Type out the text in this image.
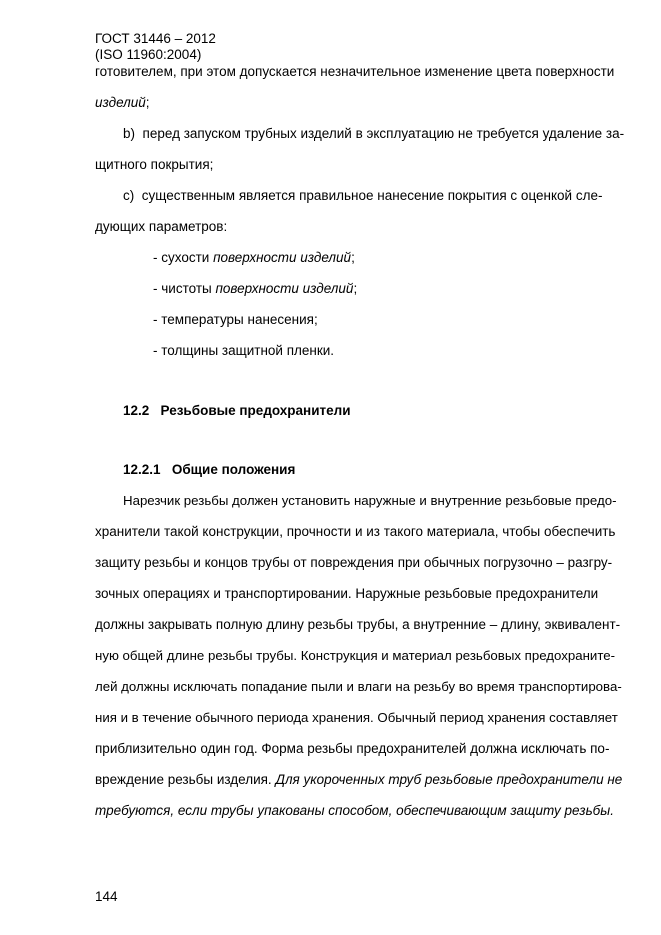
ГОСТ 31446 – 2012
(ISO 11960:2004)
готовителем, при этом допускается незначительное изменение цвета поверхности
изделий;
b) перед запуском трубных изделий в эксплуатацию не требуется удаление за-
щитного покрытия;
c) существенным является правильное нанесение покрытия с оценкой сле-
дующих параметров:
- сухости поверхности изделий;
- чистоты поверхности изделий;
- температуры нанесения;
- толщины защитной пленки.
12.2 Резьбовые предохранители
12.2.1 Общие положения
Нарезчик резьбы должен установить наружные и внутренние резьбовые предо-
хранители такой конструкции, прочности и из такого материала, чтобы обеспечить
защиту резьбы и концов трубы от повреждения при обычных погрузочно – разгру-
зочных операциях и транспортировании. Наружные резьбовые предохранители
должны закрывать полную длину резьбы трубы, а внутренние – длину, эквивалент-
ную общей длине резьбы трубы. Конструкция и материал резьбовых предохраните-
лей должны исключать попадание пыли и влаги на резьбу во время транспортирова-
ния и в течение обычного периода хранения. Обычный период хранения составляет
приблизительно один год. Форма резьбы предохранителей должна исключать по-
вреждение резьбы изделия. Для укороченных труб резьбовые предохранители не
требуются, если трубы упакованы способом, обеспечивающим защиту резьбы.
144
